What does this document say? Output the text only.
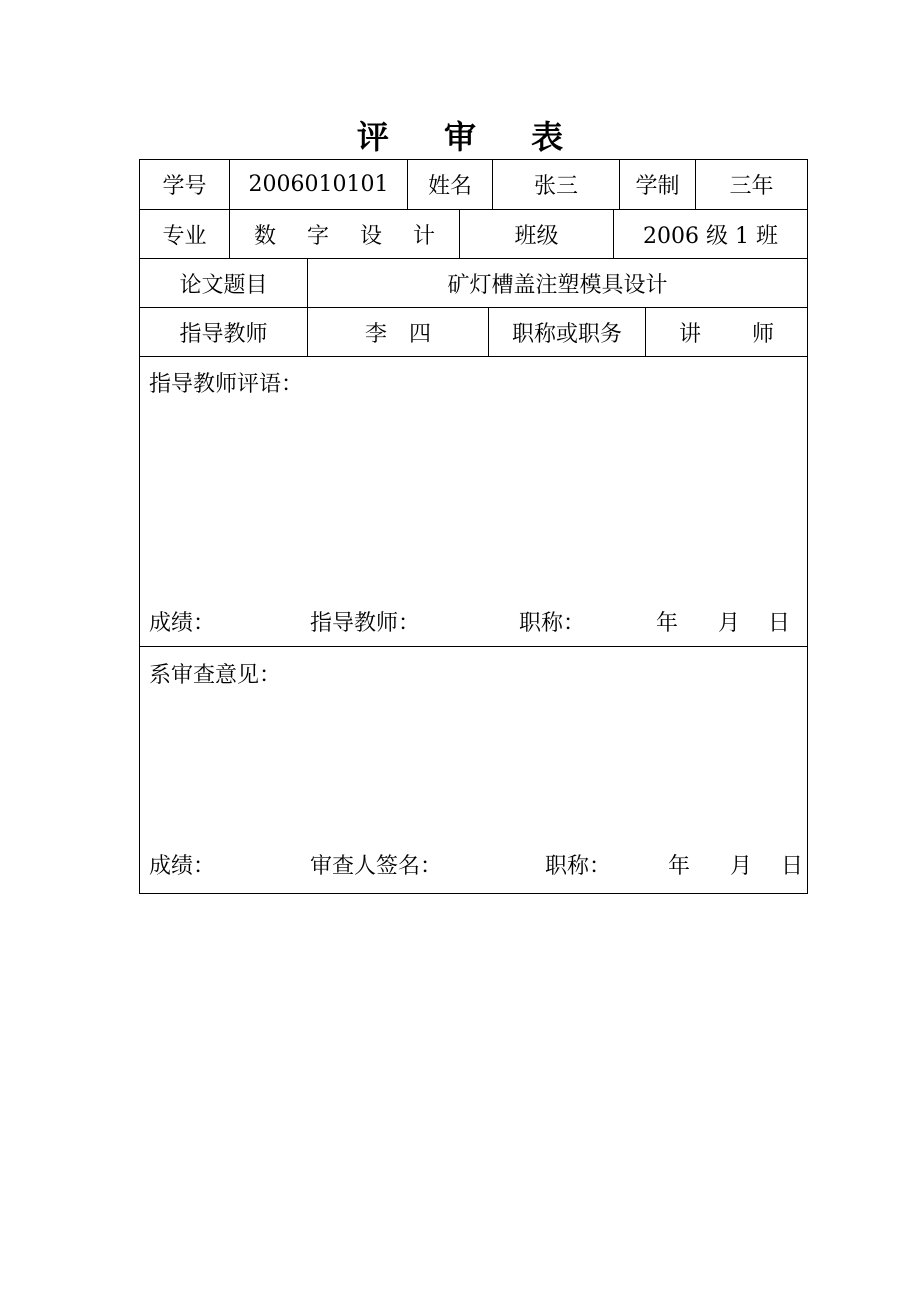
评 审 表
学号	2006010101	姓名	张三	学制	三年
专业	数 字 设 计	班级	2006 级 1 班
论文题目	矿灯槽盖注塑模具设计
指导教师	李　四	职称或职务	讲 师
指导教师评语：
成绩：	指导教师：	职称：	年 月 日
系审查意见：
成绩：	审查人签名：	职称：	年 月 日
